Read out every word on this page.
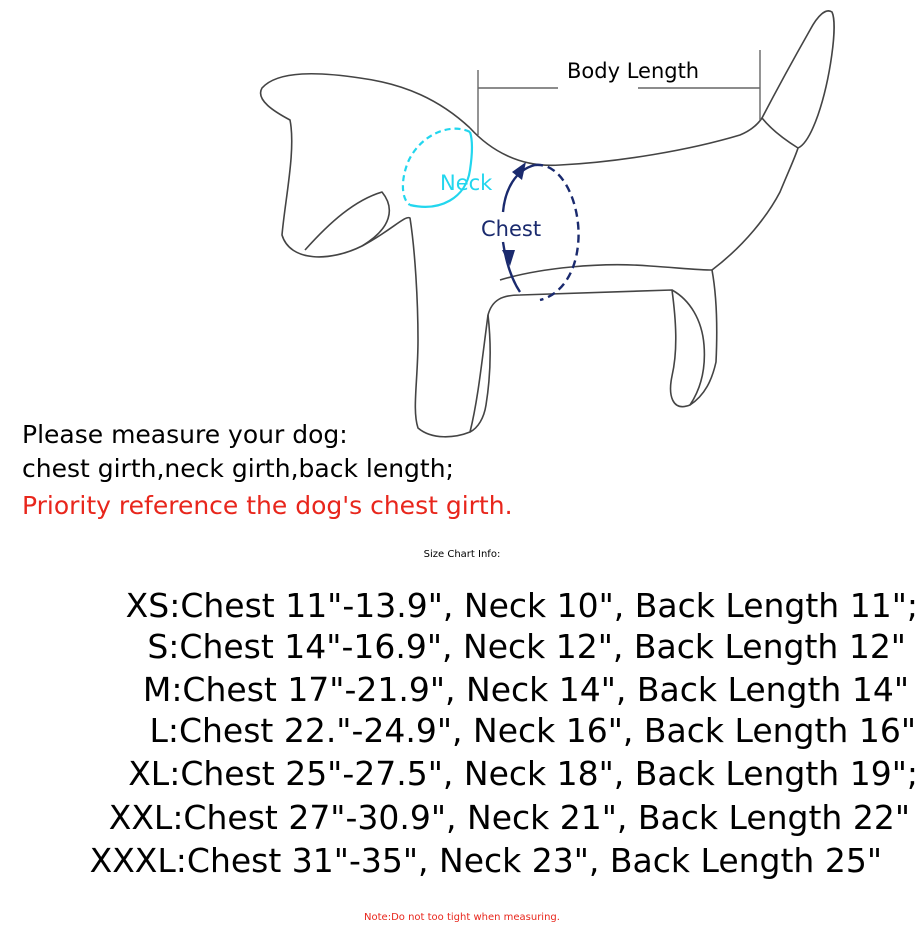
Body Length
Neck
Chest
Please measure your dog:
chest girth,neck girth,back length;
Priority reference the dog's chest girth.
Size Chart Info:
XS:Chest 11"-13.9", Neck 10", Back Length 11";
S:Chest 14"-16.9", Neck 12", Back Length 12"
M:Chest 17"-21.9", Neck 14", Back Length 14"
L:Chest 22."-24.9", Neck 16", Back Length 16"
XL:Chest 25"-27.5", Neck 18", Back Length 19";
XXL:Chest 27"-30.9", Neck 21", Back Length 22"
XXXL:Chest 31"-35", Neck 23", Back Length 25"
Note:Do not too tight when measuring.
